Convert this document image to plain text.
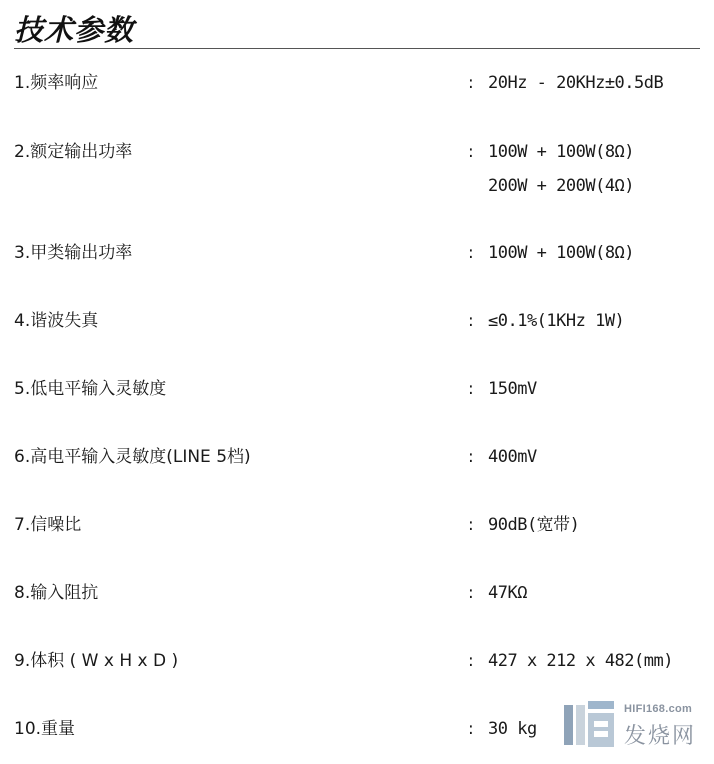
技术参数
1.频率响应	: 20Hz - 20KHz±0.5dB
2.额定输出功率	: 100W + 100W(8Ω)
200W + 200W(4Ω)
3.甲类输出功率	: 100W + 100W(8Ω)
4.谐波失真	: ≤0.1%(1KHz 1W)
5.低电平输入灵敏度	: 150mV
6.高电平输入灵敏度(LINE 5档)	: 400mV
7.信噪比	: 90dB(宽带)
8.输入阻抗	: 47KΩ
9.体积 ( W x H x D )	: 427 x 212 x 482(mm)
10.重量	: 30 kg
HIFI168.com
发烧网
